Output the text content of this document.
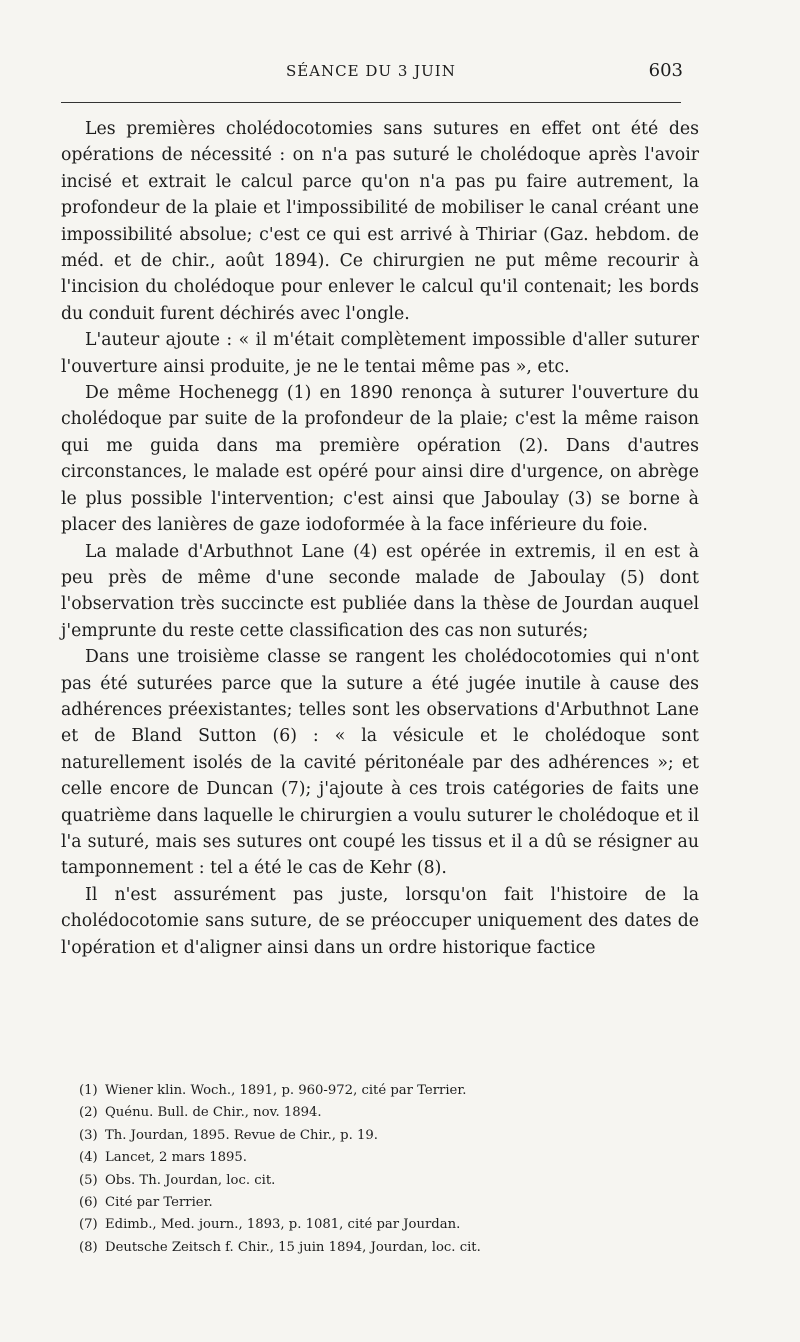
SÉANCE DU 3 JUIN	603

Les premières cholédocotomies sans sutures en effet ont été des opérations de nécessité : on n'a pas suturé le cholédoque après l'avoir incisé et extrait le calcul parce qu'on n'a pas pu faire autrement, la profondeur de la plaie et l'impossibilité de mobiliser le canal créant une impossibilité absolue; c'est ce qui est arrivé à Thiriar (Gaz. hebdom. de méd. et de chir., août 1894). Ce chirurgien ne put même recourir à l'incision du cholédoque pour enlever le calcul qu'il contenait; les bords du conduit furent déchirés avec l'ongle.

L'auteur ajoute : « il m'était complètement impossible d'aller suturer l'ouverture ainsi produite, je ne le tentai même pas », etc.

De même Hochenegg (1) en 1890 renonça à suturer l'ouverture du cholédoque par suite de la profondeur de la plaie; c'est la même raison qui me guida dans ma première opération (2). Dans d'autres circonstances, le malade est opéré pour ainsi dire d'urgence, on abrège le plus possible l'intervention; c'est ainsi que Jaboulay (3) se borne à placer des lanières de gaze iodoformée à la face inférieure du foie.

La malade d'Arbuthnot Lane (4) est opérée in extremis, il en est à peu près de même d'une seconde malade de Jaboulay (5) dont l'observation très succincte est publiée dans la thèse de Jourdan auquel j'emprunte du reste cette classification des cas non suturés;

Dans une troisième classe se rangent les cholédocotomies qui n'ont pas été suturées parce que la suture a été jugée inutile à cause des adhérences préexistantes; telles sont les observations d'Arbuthnot Lane et de Bland Sutton (6) : « la vésicule et le cholédoque sont naturellement isolés de la cavité péritonéale par des adhérences »; et celle encore de Duncan (7); j'ajoute à ces trois catégories de faits une quatrième dans laquelle le chirurgien a voulu suturer le cholédoque et il l'a suturé, mais ses sutures ont coupé les tissus et il a dû se résigner au tamponnement : tel a été le cas de Kehr (8).

Il n'est assurément pas juste, lorsqu'on fait l'histoire de la cholédocotomie sans suture, de se préoccuper uniquement des dates de l'opération et d'aligner ainsi dans un ordre historique factice

(1) Wiener klin. Woch., 1891, p. 960-972, cité par Terrier.
(2) Quénu. Bull. de Chir., nov. 1894.
(3) Th. Jourdan, 1895. Revue de Chir., p. 19.
(4) Lancet, 2 mars 1895.
(5) Obs. Th. Jourdan, loc. cit.
(6) Cité par Terrier.
(7) Edimb., Med. journ., 1893, p. 1081, cité par Jourdan.
(8) Deutsche Zeitsch f. Chir., 15 juin 1894, Jourdan, loc. cit.
